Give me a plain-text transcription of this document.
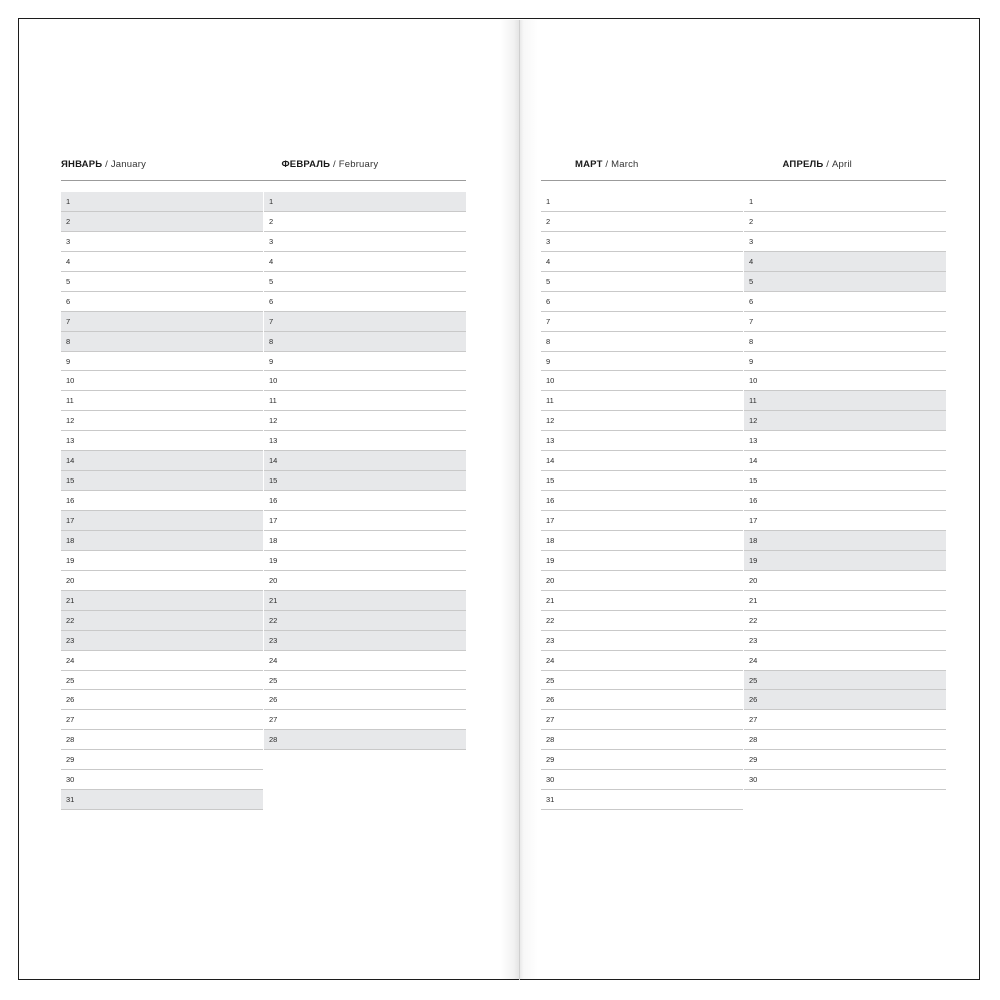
ЯНВАРЬ / January	ФЕВРАЛЬ / February
1
2
3
4
5
6
7
8
9
10
11
12
13
14
15
16
17
18
19
20
21
22
23
24
25
26
27
28
29
30
31
1
2
3
4
5
6
7
8
9
10
11
12
13
14
15
16
17
18
19
20
21
22
23
24
25
26
27
28
МАРТ / March	АПРЕЛЬ / April
1
2
3
4
5
6
7
8
9
10
11
12
13
14
15
16
17
18
19
20
21
22
23
24
25
26
27
28
29
30
31
1
2
3
4
5
6
7
8
9
10
11
12
13
14
15
16
17
18
19
20
21
22
23
24
25
26
27
28
29
30
